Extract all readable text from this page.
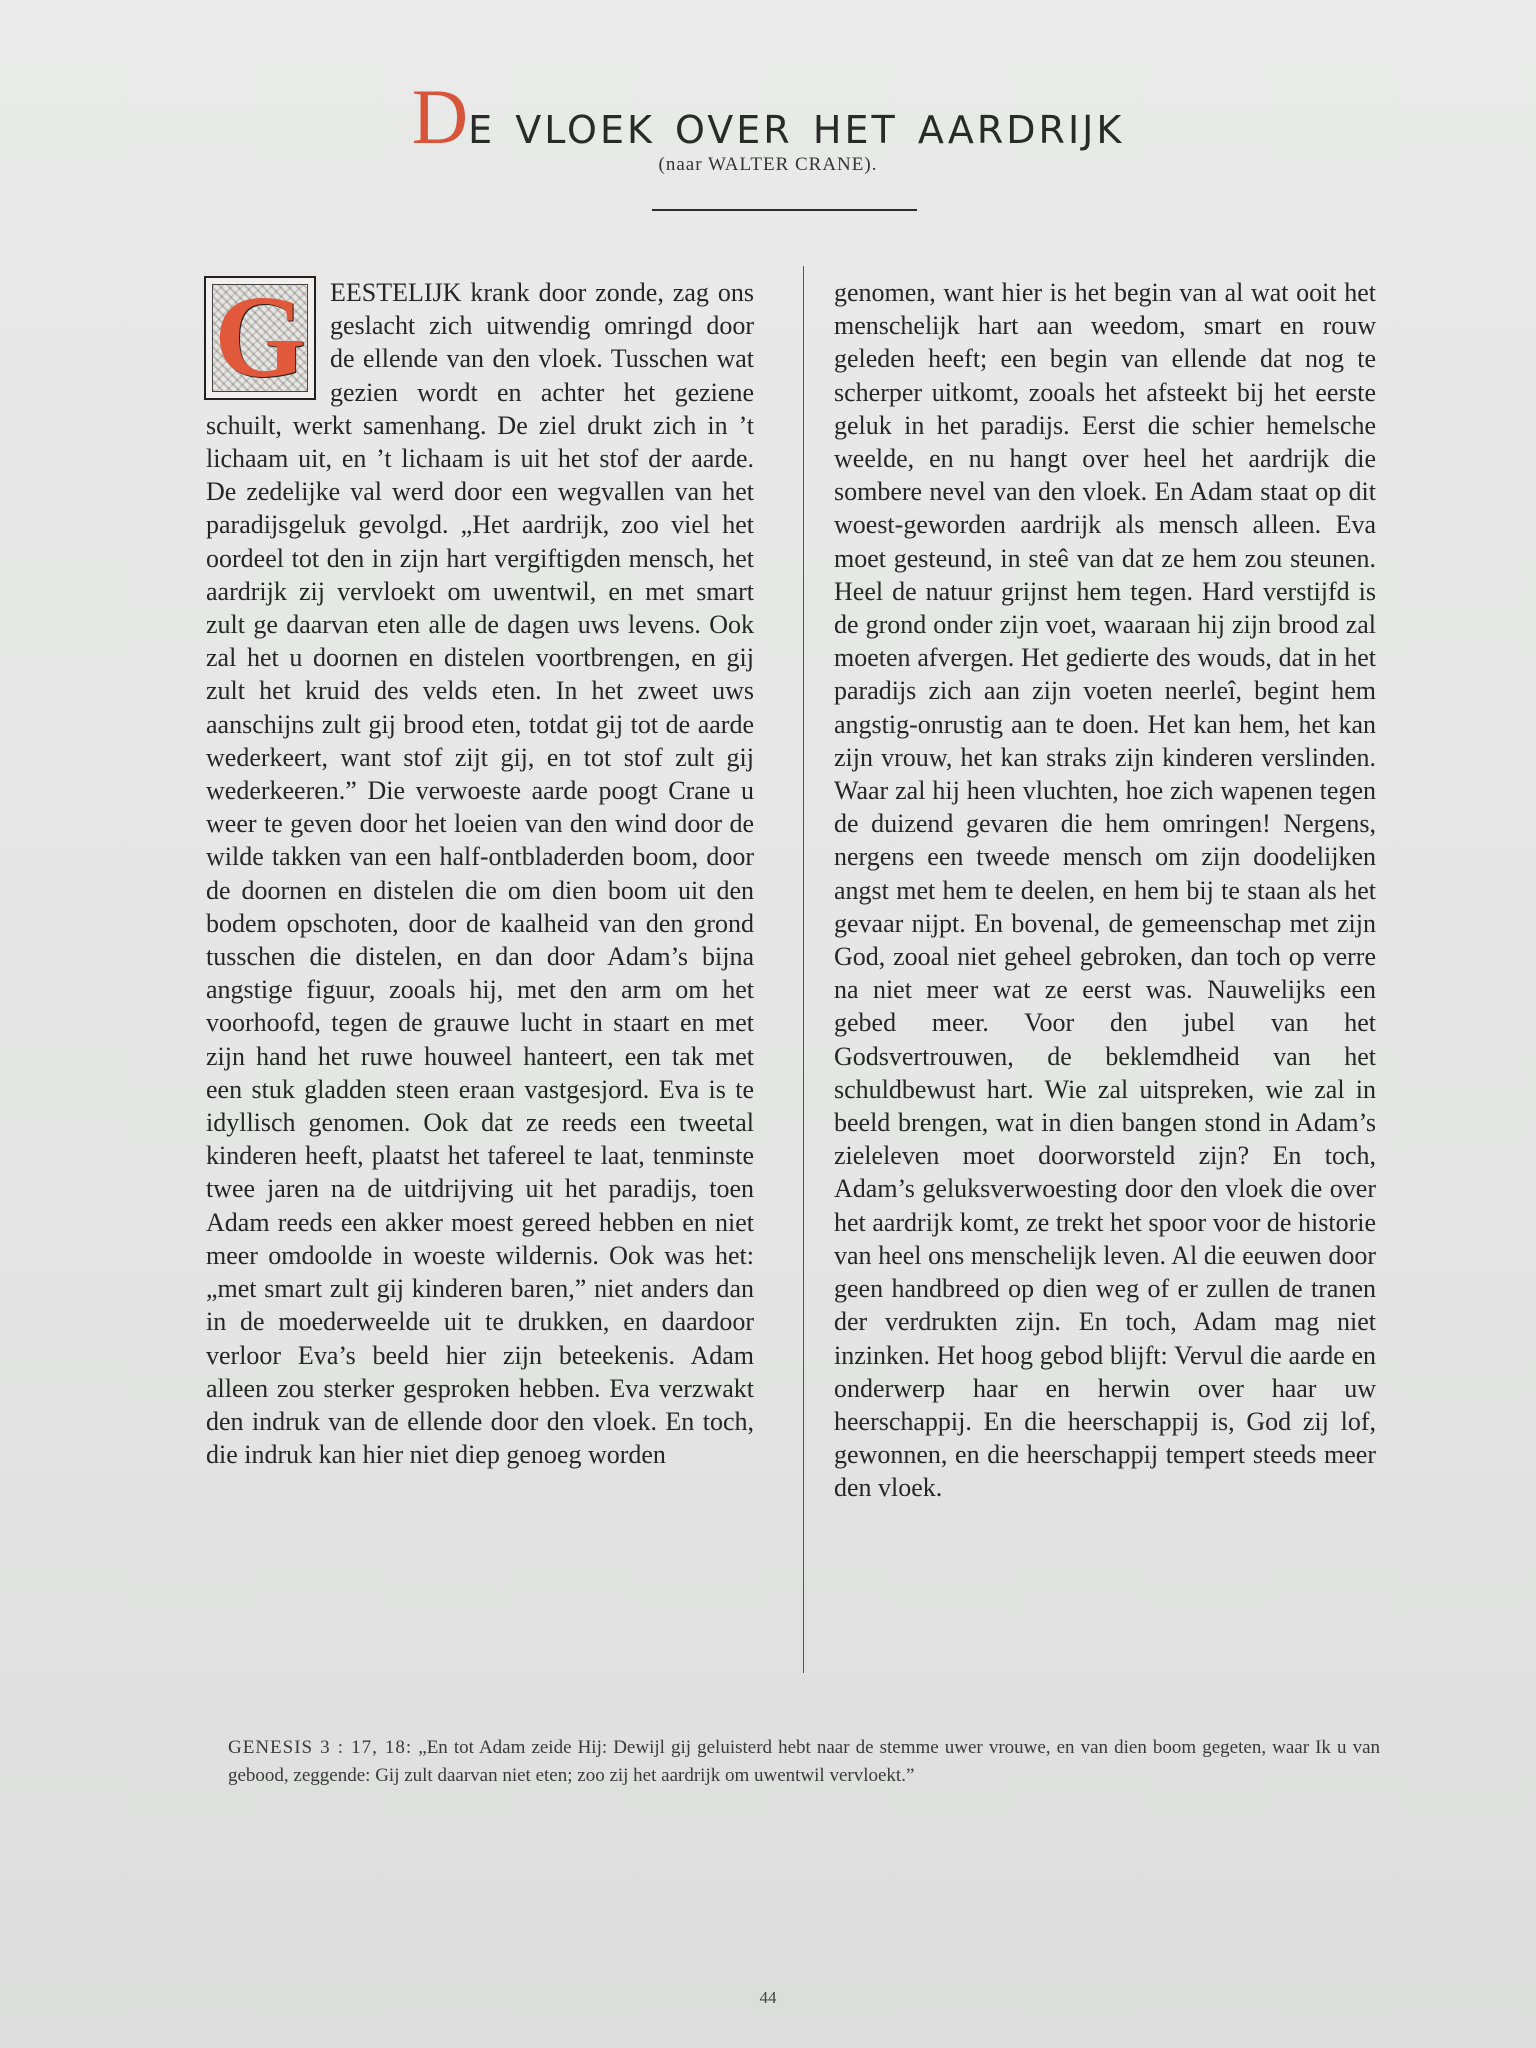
De vloek over het aardrijk
(naar WALTER CRANE).
G EESTELIJK krank door zonde, zag ons geslacht zich uitwendig omringd door de ellende van den vloek. Tusschen wat gezien wordt en achter het geziene schuilt, werkt samenhang. De ziel drukt zich in ’t lichaam uit, en ’t lichaam is uit het stof der aarde. De zedelijke val werd door een wegvallen van het paradijsgeluk gevolgd. „Het aardrijk, zoo viel het oordeel tot den in zijn hart vergiftigden mensch, het aardrijk zij vervloekt om uwentwil, en met smart zult ge daarvan eten alle de dagen uws levens. Ook zal het u doornen en distelen voortbrengen, en gij zult het kruid des velds eten. In het zweet uws aanschijns zult gij brood eten, totdat gij tot de aarde wederkeert, want stof zijt gij, en tot stof zult gij wederkeeren.” Die verwoeste aarde poogt Crane u weer te geven door het loeien van den wind door de wilde takken van een half-ontbladerden boom, door de doornen en distelen die om dien boom uit den bodem opschoten, door de kaalheid van den grond tusschen die distelen, en dan door Adam’s bijna angstige figuur, zooals hij, met den arm om het voorhoofd, tegen de grauwe lucht in staart en met zijn hand het ruwe houweel hanteert, een tak met een stuk gladden steen eraan vastgesjord. Eva is te idyllisch genomen. Ook dat ze reeds een tweetal kinderen heeft, plaatst het tafereel te laat, tenminste twee jaren na de uitdrijving uit het paradijs, toen Adam reeds een akker moest gereed hebben en niet meer omdoolde in woeste wildernis. Ook was het: „met smart zult gij kinderen baren,” niet anders dan in de moederweelde uit te drukken, en daardoor verloor Eva’s beeld hier zijn beteekenis. Adam alleen zou sterker gesproken hebben. Eva verzwakt den indruk van de ellende door den vloek. En toch, die indruk kan hier niet diep genoeg worden

genomen, want hier is het begin van al wat ooit het menschelijk hart aan weedom, smart en rouw geleden heeft; een begin van ellende dat nog te scherper uitkomt, zooals het afsteekt bij het eerste geluk in het paradijs. Eerst die schier hemelsche weelde, en nu hangt over heel het aardrijk die sombere nevel van den vloek. En Adam staat op dit woest-geworden aardrijk als mensch alleen. Eva moet gesteund, in steê van dat ze hem zou steunen. Heel de natuur grijnst hem tegen. Hard verstijfd is de grond onder zijn voet, waaraan hij zijn brood zal moeten afvergen. Het gedierte des wouds, dat in het paradijs zich aan zijn voeten neerleî, begint hem angstig-onrustig aan te doen. Het kan hem, het kan zijn vrouw, het kan straks zijn kinderen verslinden. Waar zal hij heen vluchten, hoe zich wapenen tegen de duizend gevaren die hem omringen! Nergens, nergens een tweede mensch om zijn doodelijken angst met hem te deelen, en hem bij te staan als het gevaar nijpt. En bovenal, de gemeenschap met zijn God, zooal niet geheel gebroken, dan toch op verre na niet meer wat ze eerst was. Nauwelijks een gebed meer. Voor den jubel van het Godsvertrouwen, de beklemdheid van het schuldbewust hart. Wie zal uitspreken, wie zal in beeld brengen, wat in dien bangen stond in Adam’s zieleleven moet doorworsteld zijn? En toch, Adam’s geluksverwoesting door den vloek die over het aardrijk komt, ze trekt het spoor voor de historie van heel ons menschelijk leven. Al die eeuwen door geen handbreed op dien weg of er zullen de tranen der verdrukten zijn. En toch, Adam mag niet inzinken. Het hoog gebod blijft: Vervul die aarde en onderwerp haar en herwin over haar uw heerschappij. En die heerschappij is, God zij lof, gewonnen, en die heerschappij tempert steeds meer den vloek.

GENESIS 3 : 17, 18: „En tot Adam zeide Hij: Dewijl gij geluisterd hebt naar de stemme uwer vrouwe, en van dien boom gegeten, waar Ik u van gebood, zeggende: Gij zult daarvan niet eten; zoo zij het aardrijk om uwentwil vervloekt.”
44
